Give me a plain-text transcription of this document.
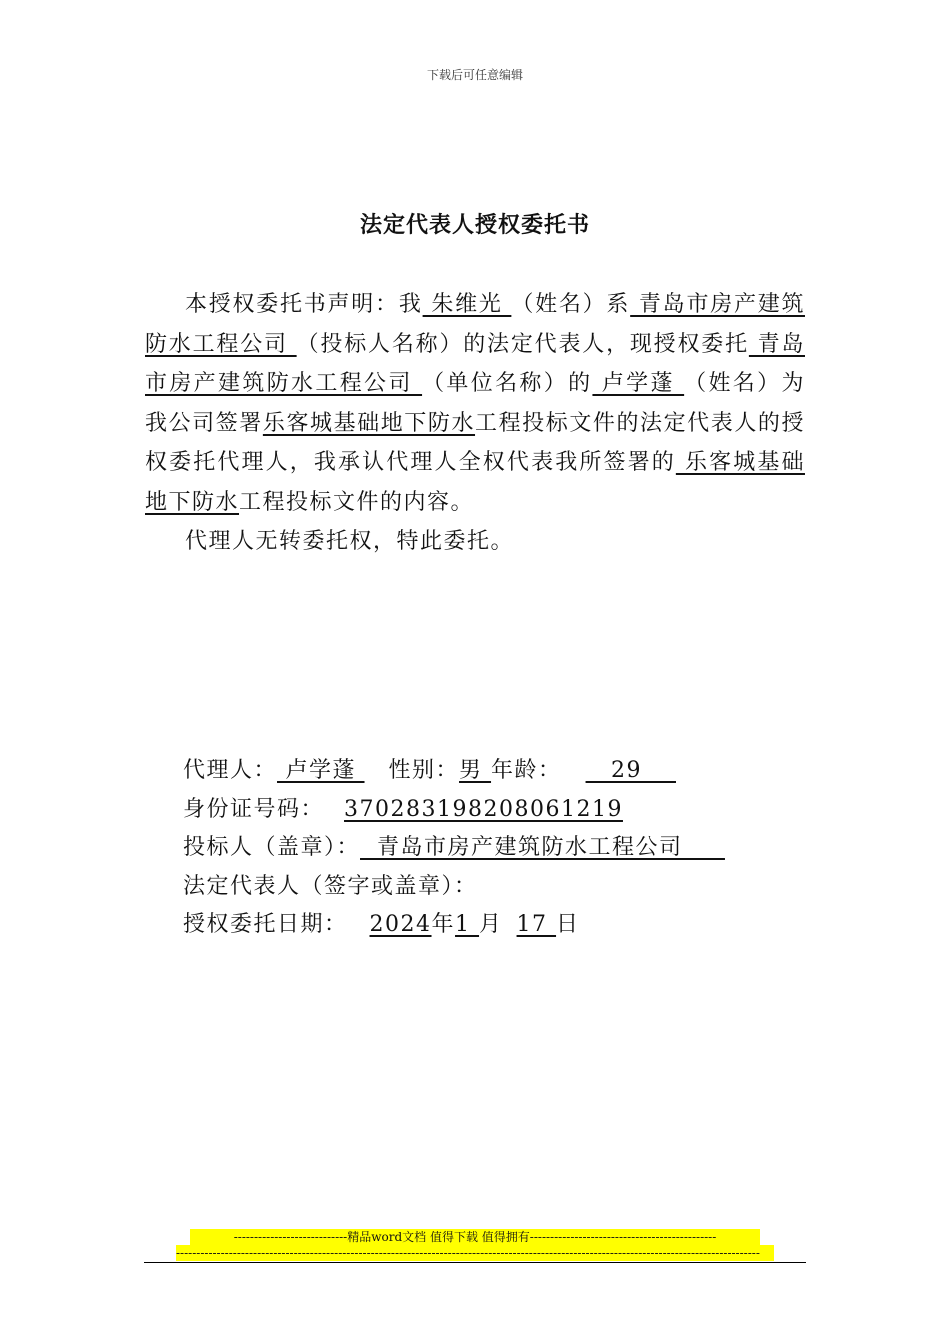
下载后可任意编辑
法定代表人授权委托书

本授权委托书声明：我 朱维光 （姓名）系 青岛市房产建筑防水工程公司 （投标人名称）的法定代表人，现授权委托 青岛市房产建筑防水工程公司 （单位名称）的 卢学蓬 （姓名）为我公司签署乐客城基础地下防水工程投标文件的法定代表人的授权委托代理人，我承认代理人全权代表我所签署的 乐客城基础地下防水工程投标文件的内容。

代理人无转委托权，特此委托。

代理人： 卢学蓬 性别：男 年龄：   29
身份证号码： 370283198208061219
投标人（盖章）：  青岛市房产建筑防水工程公司
法定代表人（签字或盖章）：
授权委托日期： 2024年1 月 17 日
----------------------------精品word文档 值得下载 值得拥有----------------------------------------------
------------------------------------------------------------------------------------------------------------------------------------------------
